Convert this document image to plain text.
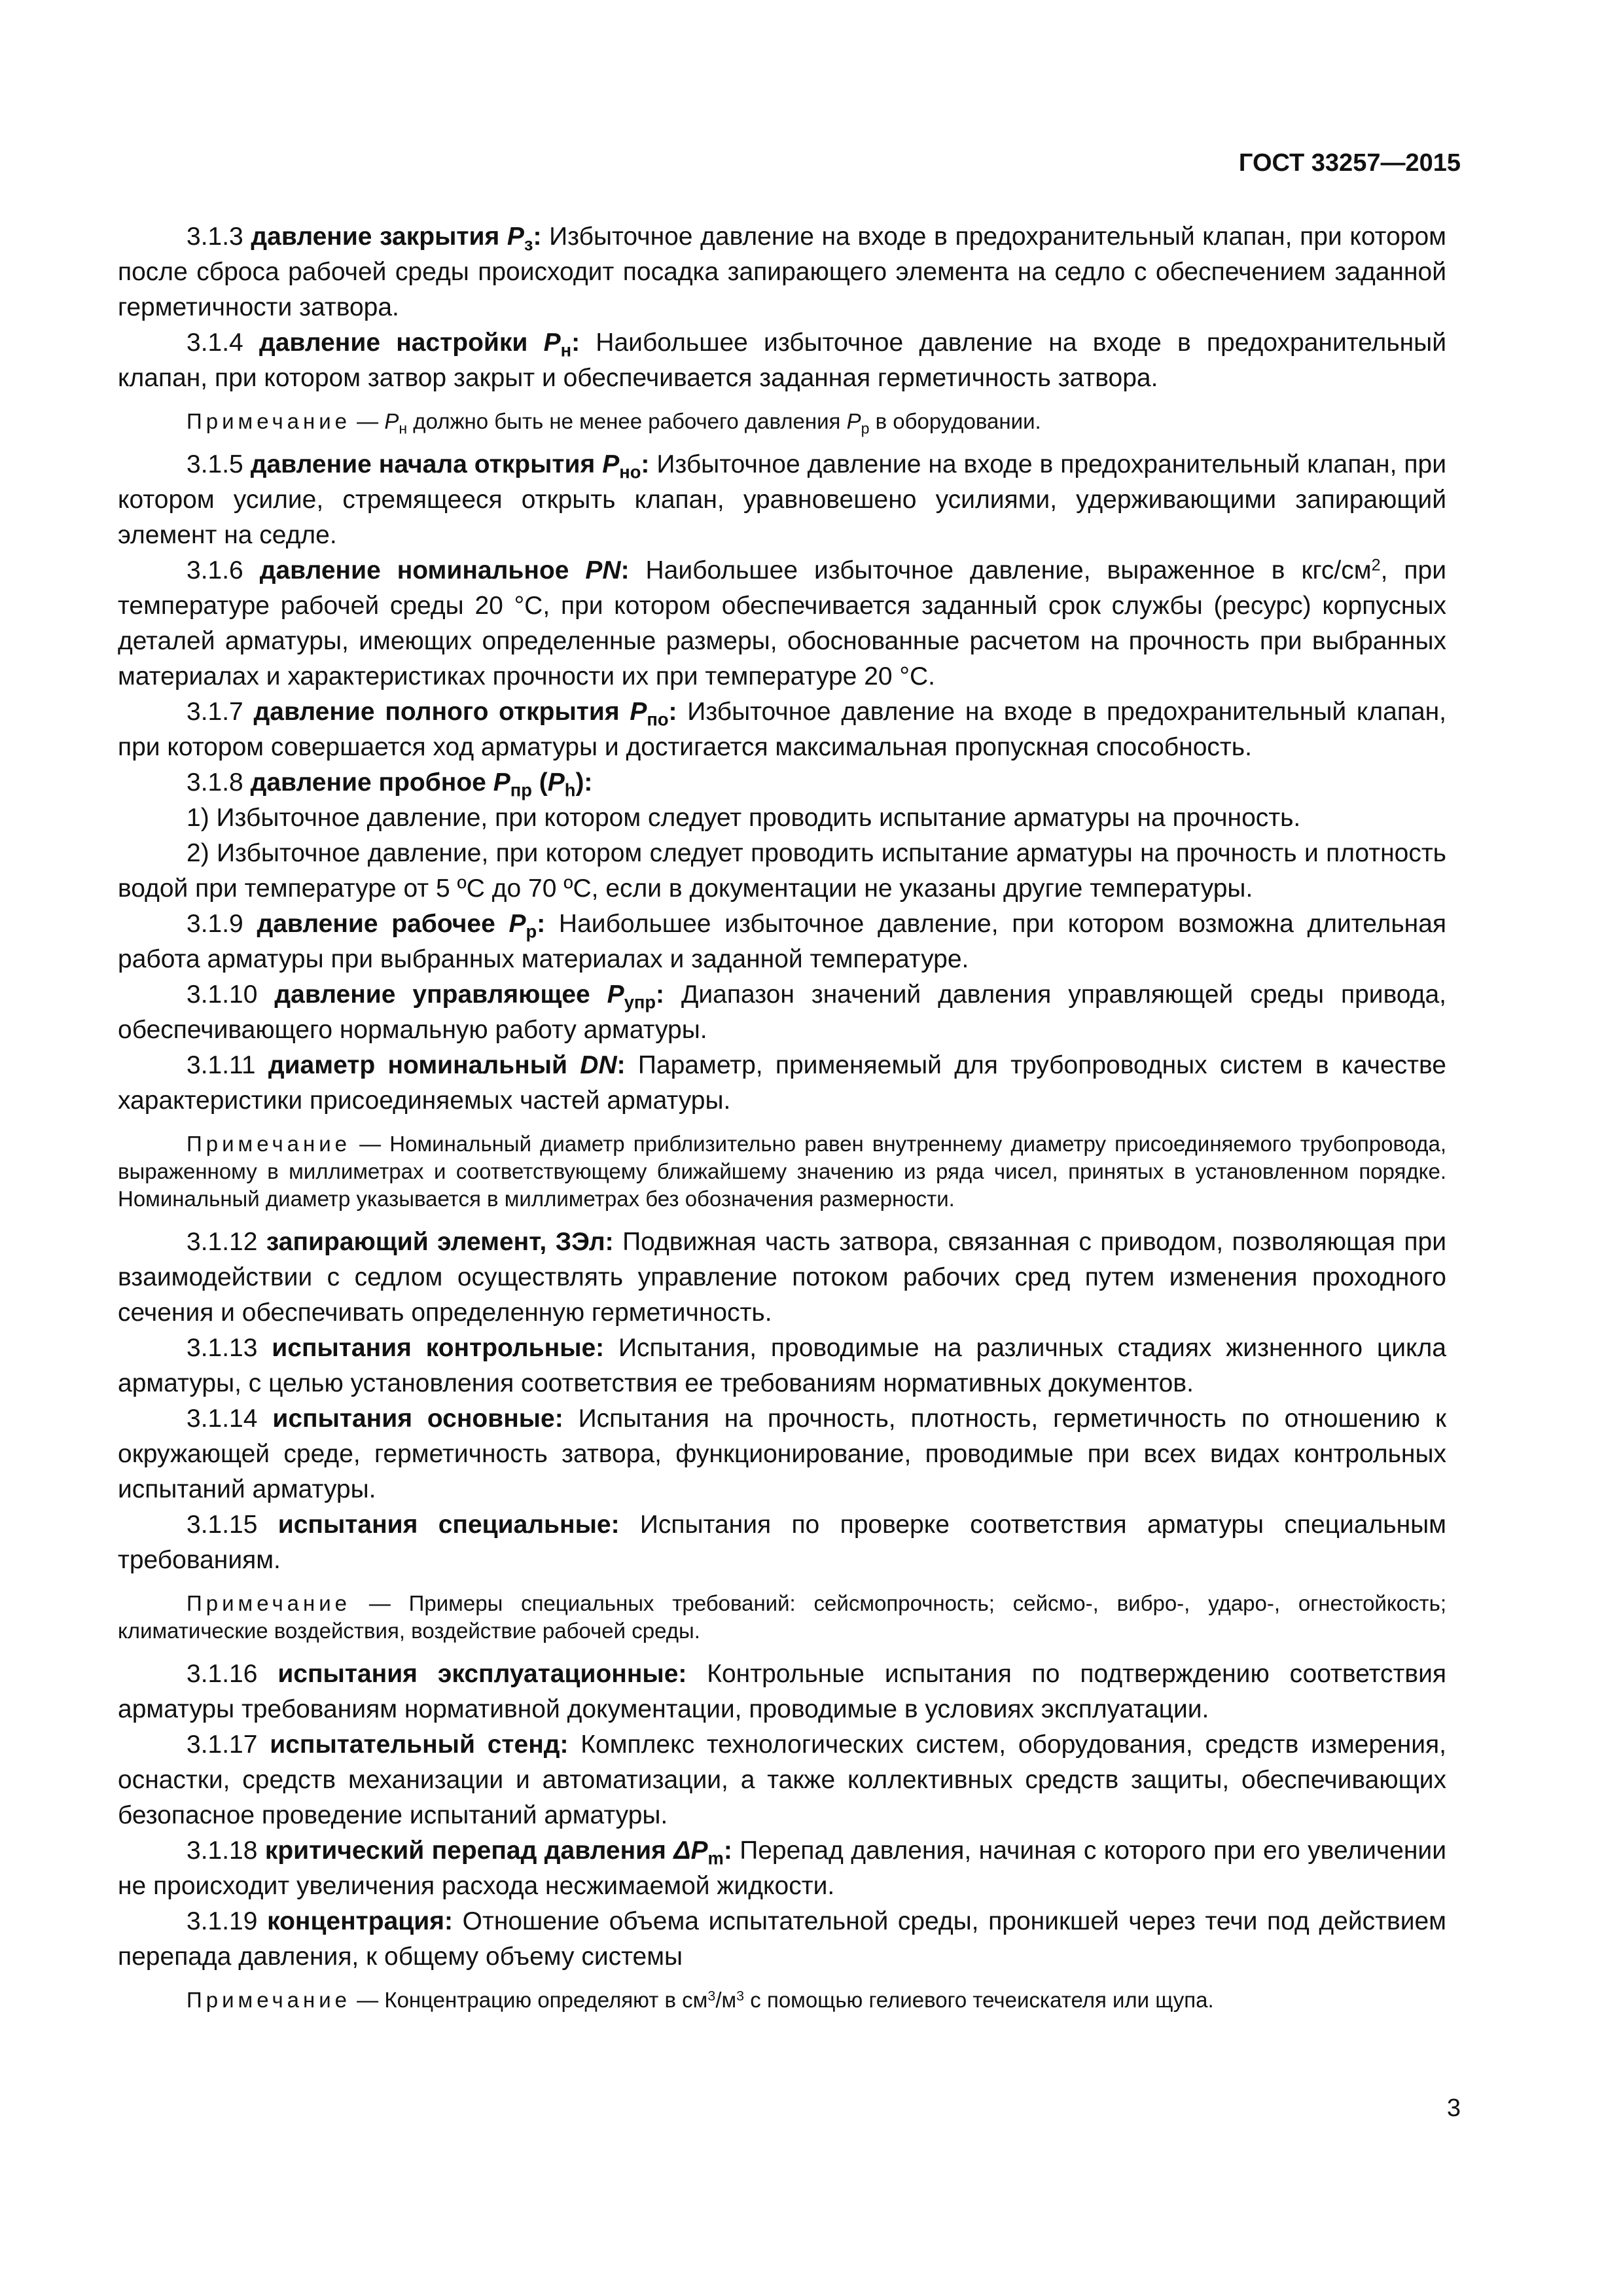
ГОСТ 33257—2015

3.1.3 давление закрытия $P_з$: Избыточное давление на входе в предохранительный клапан, при котором после сброса рабочей среды происходит посадка запирающего элемента на седло с обеспечением заданной герметичности затвора.

3.1.4 давление настройки $P_н$: Наибольшее избыточное давление на входе в предохранительный клапан, при котором затвор закрыт и обеспечивается заданная герметичность затвора.

Примечание — $P_н$ должно быть не менее рабочего давления $P_р$ в оборудовании.

3.1.5 давление начала открытия $P_{но}$: Избыточное давление на входе в предохранительный клапан, при котором усилие, стремящееся открыть клапан, уравновешено усилиями, удерживающими запирающий элемент на седле.

3.1.6 давление номинальное PN: Наибольшее избыточное давление, выраженное в кгс/$см^2$, при температуре рабочей среды 20 °С, при котором обеспечивается заданный срок службы (ресурс) корпусных деталей арматуры, имеющих определенные размеры, обоснованные расчетом на прочность при выбранных материалах и характеристиках прочности их при температуре 20 °С.

3.1.7 давление полного открытия $P_{по}$: Избыточное давление на входе в предохранительный клапан, при котором совершается ход арматуры и достигается максимальная пропускная способность.

3.1.8 давление пробное $P_{пр}$ $(P_h)$:

1) Избыточное давление, при котором следует проводить испытание арматуры на прочность.

2) Избыточное давление, при котором следует проводить испытание арматуры на прочность и плотность водой при температуре от 5 ºС до 70 ºС, если в документации не указаны другие температуры.

3.1.9 давление рабочее $P_р$: Наибольшее избыточное давление, при котором возможна длительная работа арматуры при выбранных материалах и заданной температуре.

3.1.10 давление управляющее $P_{упр}$: Диапазон значений давления управляющей среды привода, обеспечивающего нормальную работу арматуры.

3.1.11 диаметр номинальный DN: Параметр, применяемый для трубопроводных систем в качестве характеристики присоединяемых частей арматуры.

Примечание — Номинальный диаметр приблизительно равен внутреннему диаметру присоединяемого трубопровода, выраженному в миллиметрах и соответствующему ближайшему значению из ряда чисел, принятых в установленном порядке. Номинальный диаметр указывается в миллиметрах без обозначения размерности.

3.1.12 запирающий элемент, ЗЭл: Подвижная часть затвора, связанная с приводом, позволяющая при взаимодействии с седлом осуществлять управление потоком рабочих сред путем изменения проходного сечения и обеспечивать определенную герметичность.

3.1.13 испытания контрольные: Испытания, проводимые на различных стадиях жизненного цикла арматуры, с целью установления соответствия ее требованиям нормативных документов.

3.1.14 испытания основные: Испытания на прочность, плотность, герметичность по отношению к окружающей среде, герметичность затвора, функционирование, проводимые при всех видах контрольных испытаний арматуры.

3.1.15 испытания специальные: Испытания по проверке соответствия арматуры специальным требованиям.

Примечание — Примеры специальных требований: сейсмопрочность; сейсмо-, вибро-, ударо-, огнестойкость; климатические воздействия, воздействие рабочей среды.

3.1.16 испытания эксплуатационные: Контрольные испытания по подтверждению соответствия арматуры требованиям нормативной документации, проводимые в условиях эксплуатации.

3.1.17 испытательный стенд: Комплекс технологических систем, оборудования, средств измерения, оснастки, средств механизации и автоматизации, а также коллективных средств защиты, обеспечивающих безопасное проведение испытаний арматуры.

3.1.18 критический перепад давления $\Delta P_m$: Перепад давления, начиная с которого при его увеличении не происходит увеличения расхода несжимаемой жидкости.

3.1.19 концентрация: Отношение объема испытательной среды, проникшей через течи под действием перепада давления, к общему объему системы

Примечание — Концентрацию определяют в $см^3/м^3$ с помощью гелиевого течеискателя или щупа.

3
